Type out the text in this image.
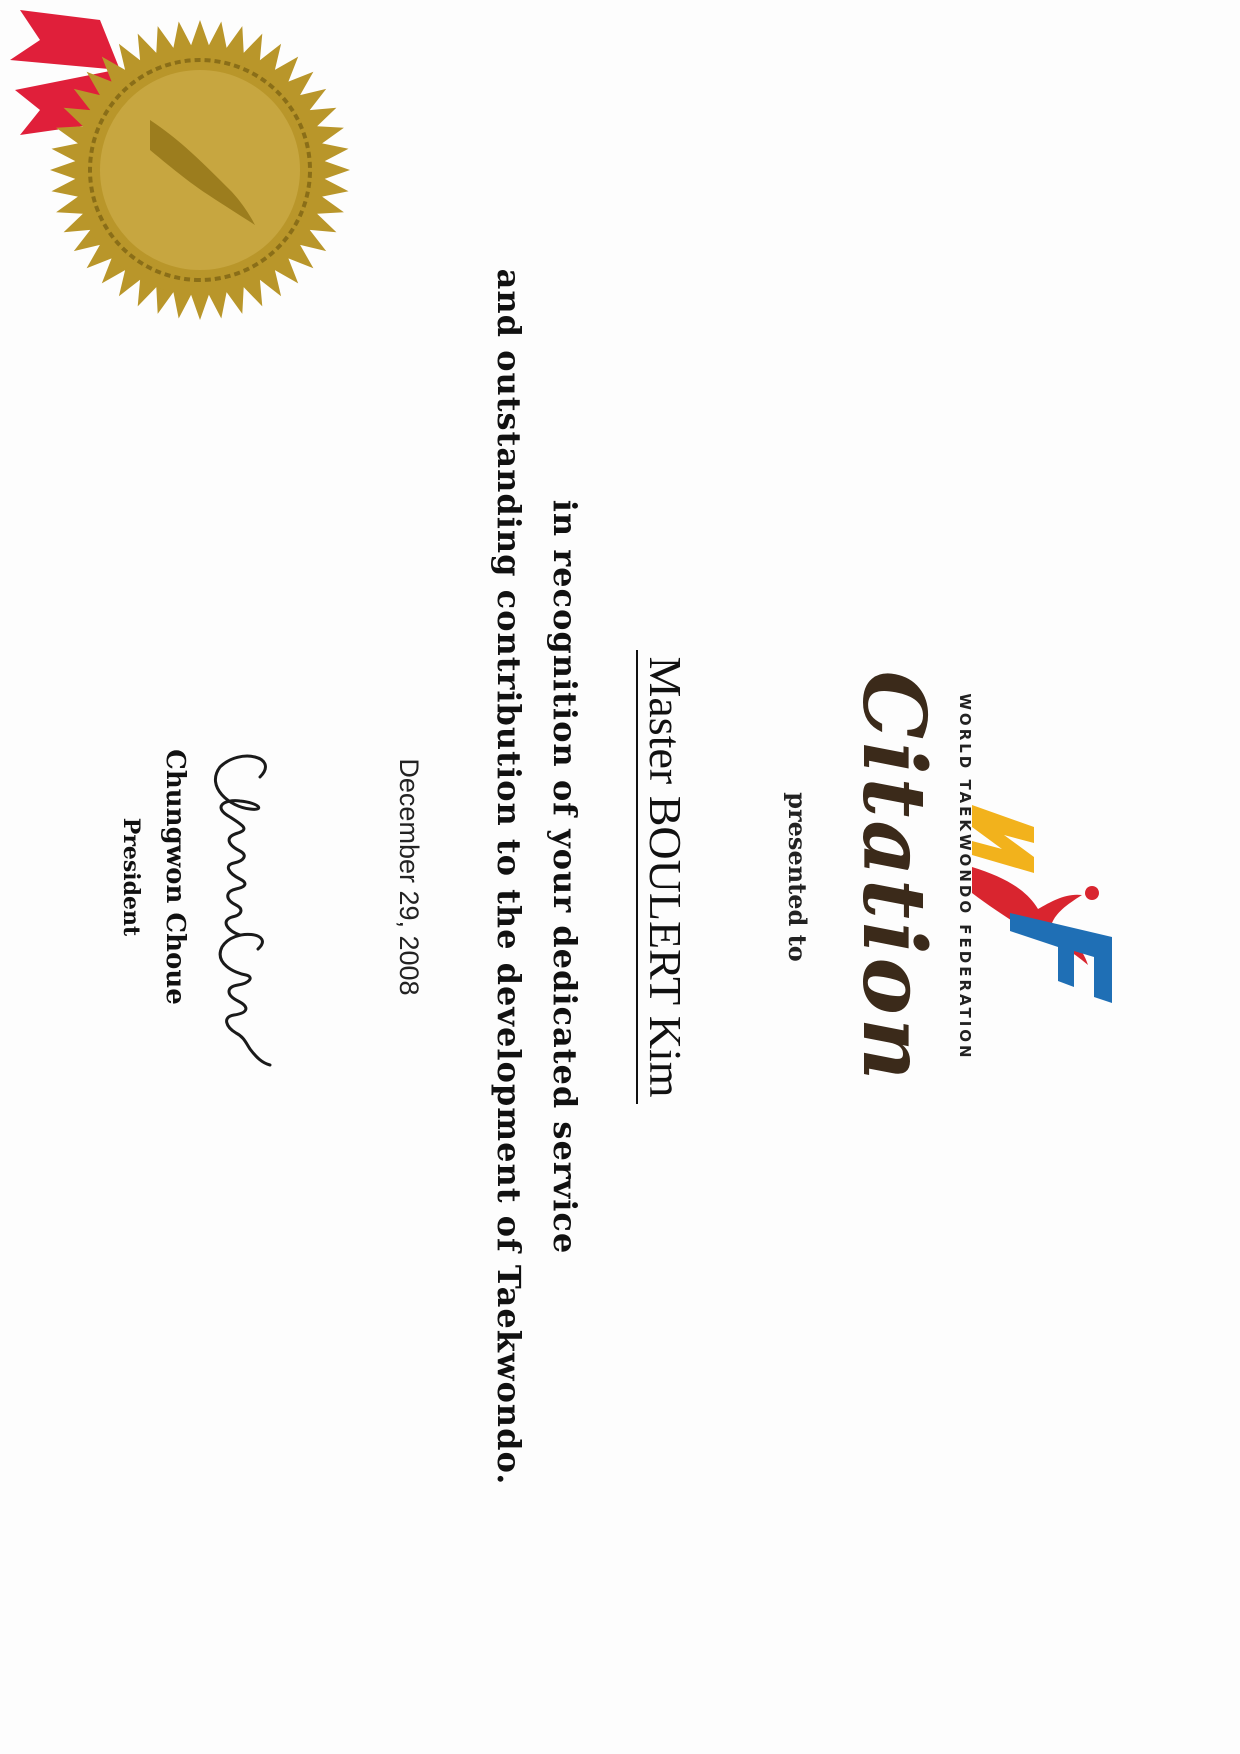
WORLD TAEKWONDO FEDERATION
Citation
presented to
Master BOULERT Kim
in recognition of your dedicated service
and outstanding contribution to the development of Taekwondo.
December 29, 2008
Chungwon Choue
President
